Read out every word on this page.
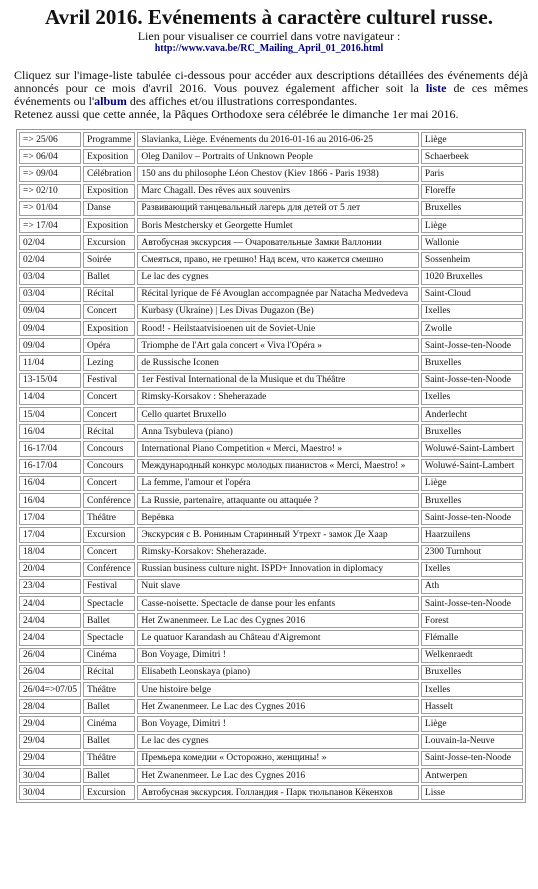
Avril 2016. Evénements à caractère culturel russe.
Lien pour visualiser ce courriel dans votre navigateur :
http://www.vava.be/RC_Mailing_April_01_2016.html
Cliquez sur l'image-liste tabulée ci-dessous pour accéder aux descriptions détaillées des événements déjà annoncés pour ce mois d'avril 2016. Vous pouvez également afficher soit la liste de ces mêmes événements ou l'album des affiches et/ou illustrations correspondantes.
Retenez aussi que cette année, la Pâques Orthodoxe sera célébrée le dimanche 1er mai 2016.
=> 25/06	Programme	Slavianka, Liège. Evénements du 2016-01-16 au 2016-06-25	Liège
=> 06/04	Exposition	Oleg Danilov – Portraits of Unknown People	Schaerbeek
=> 09/04	Célébration	150 ans du philosophe Léon Chestov (Kiev 1866 - Paris 1938)	Paris
=> 02/10	Exposition	Marc Chagall. Des rêves aux souvenirs	Floreffe
=> 01/04	Danse	Развивающий танцевальный лагерь для детей от 5 лет	Bruxelles
=> 17/04	Exposition	Boris Mestchersky et Georgette Humlet	Liège
02/04	Excursion	Автобусная экскурсия — Очаровательные Замки Валлонии	Wallonie
02/04	Soirée	Смеяться, право, не грешно! Над всем, что кажется смешно	Sossenheim
03/04	Ballet	Le lac des cygnes	1020 Bruxelles
03/04	Récital	Récital lyrique de Fé Avouglan accompagnée par Natacha Medvedeva	Saint-Cloud
09/04	Concert	Kurbasy (Ukraine) | Les Divas Dugazon (Be)	Ixelles
09/04	Exposition	Rood! - Heilstaatvisioenen uit de Soviet-Unie	Zwolle
09/04	Opéra	Triomphe de l'Art gala concert « Viva l'Opéra »	Saint-Josse-ten-Noode
11/04	Lezing	de Russische Iconen	Bruxelles
13-15/04	Festival	1er Festival International de la Musique et du Théâtre	Saint-Josse-ten-Noode
14/04	Concert	Rimsky-Korsakov : Sheherazade	Ixelles
15/04	Concert	Cello quartet Bruxello	Anderlecht
16/04	Récital	Anna Tsybuleva (piano)	Bruxelles
16-17/04	Concours	International Piano Competition « Merci, Maestro! »	Woluwé-Saint-Lambert
16-17/04	Concours	Международный конкурс молодых пианистов « Merci, Maestro! »	Woluwé-Saint-Lambert
16/04	Concert	La femme, l'amour et l'opéra	Liège
16/04	Conférence	La Russie, partenaire, attaquante ou attaquée ?	Bruxelles
17/04	Théâtre	Верёвка	Saint-Josse-ten-Noode
17/04	Excursion	Экскурсия с В. Рониным Старинный Утрехт - замок Де Хаар	Haarzuilens
18/04	Concert	Rimsky-Korsakov: Sheherazade.	2300 Turnhout
20/04	Conférence	Russian business culture night. ISPD+ Innovation in diplomacy	Ixelles
23/04	Festival	Nuit slave	Ath
24/04	Spectacle	Casse-noisette. Spectacle de danse pour les enfants	Saint-Josse-ten-Noode
24/04	Ballet	Het Zwanenmeer. Le Lac des Cygnes 2016	Forest
24/04	Spectacle	Le quatuor Karandash au Château d'Aigremont	Flémalle
26/04	Cinéma	Bon Voyage, Dimitri !	Welkenraedt
26/04	Récital	Elisabeth Leonskaya (piano)	Bruxelles
26/04=>07/05	Théâtre	Une histoire belge	Ixelles
28/04	Ballet	Het Zwanenmeer. Le Lac des Cygnes 2016	Hasselt
29/04	Cinéma	Bon Voyage, Dimitri !	Liège
29/04	Ballet	Le lac des cygnes	Louvain-la-Neuve
29/04	Théâtre	Премьера комедии « Осторожно, женщины! »	Saint-Josse-ten-Noode
30/04	Ballet	Het Zwanenmeer. Le Lac des Cygnes 2016	Antwerpen
30/04	Excursion	Автобусная экскурсия. Голландия - Парк тюльпанов Кёкенхов	Lisse
